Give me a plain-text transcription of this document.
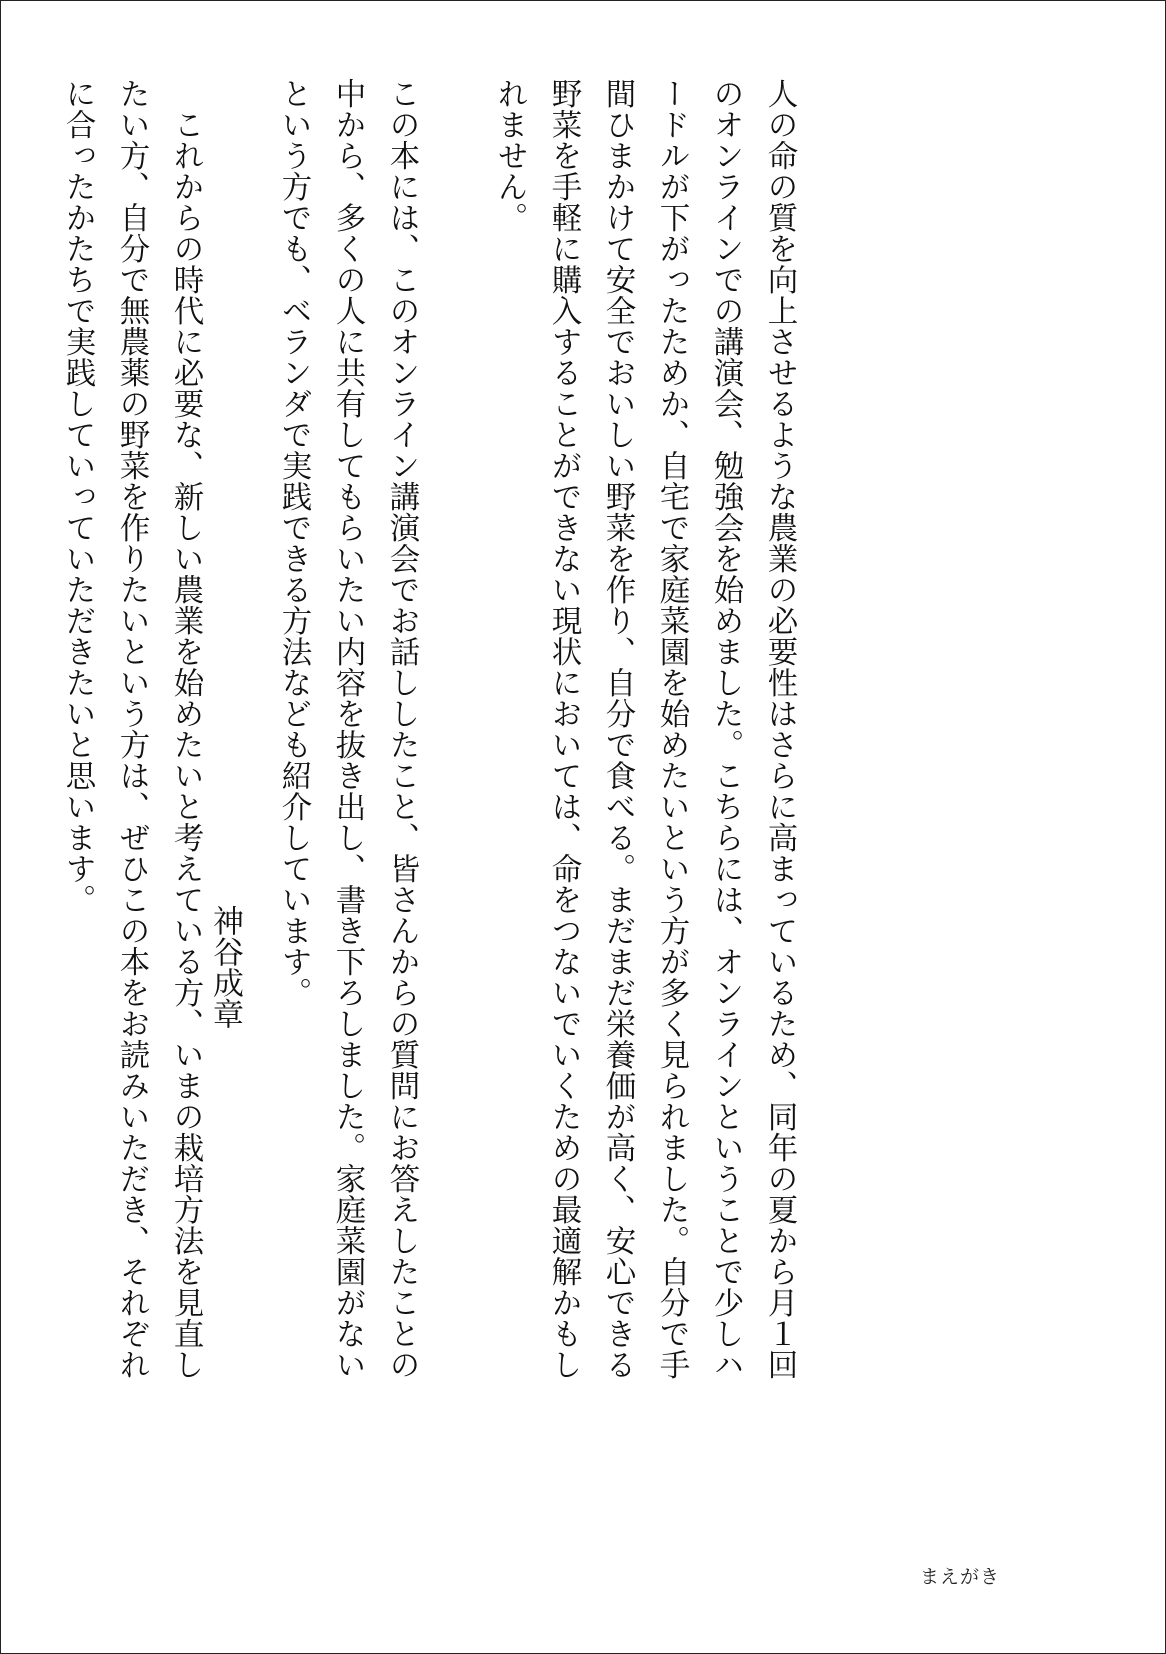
人の命の質を向上させるような農業の必要性はさらに高まっているため、同年の夏から月１回のオンラインでの講演会、勉強会を始めました。こちらには、オンラインということで少しハードルが下がったためか、自宅で家庭菜園を始めたいという方が多く見られました。自分で手間ひまかけて安全でおいしい野菜を作り、自分で食べる。まだまだ栄養価が高く、安心できる野菜を手軽に購入することができない現状においては、命をつないでいくための最適解かもしれません。

この本には、このオンライン講演会でお話ししたこと、皆さんからの質問にお答えしたことの中から、多くの人に共有してもらいたい内容を抜き出し、書き下ろしました。家庭菜園がないという方でも、ベランダで実践できる方法なども紹介しています。

これからの時代に必要な、新しい農業を始めたいと考えている方、いまの栽培方法を見直したい方、自分で無農薬の野菜を作りたいという方は、ぜひこの本をお読みいただき、それぞれに合ったかたちで実践していっていただきたいと思います。

神谷成章
まえがき
